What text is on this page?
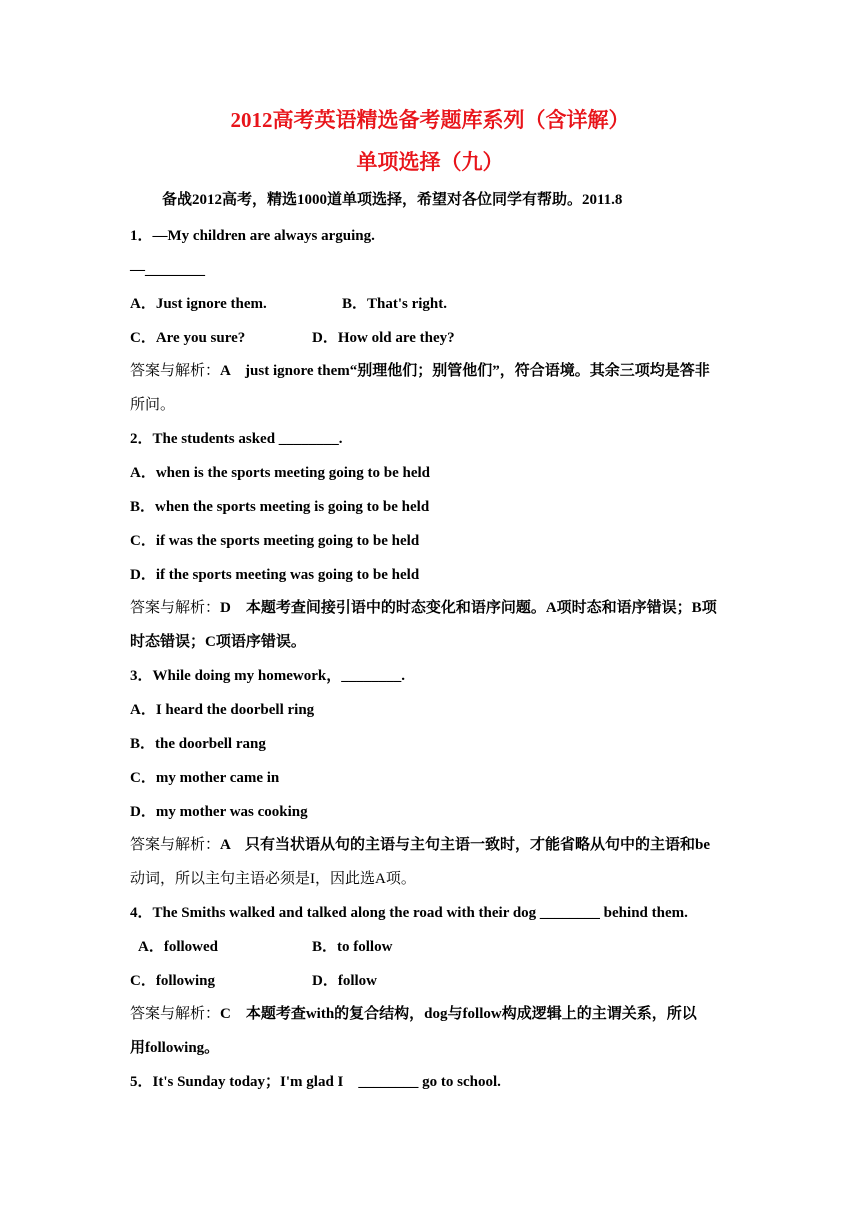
2012高考英语精选备考题库系列（含详解）
单项选择（九）
备战2012高考，精选1000道单项选择，希望对各位同学有帮助。2011.8
1．—My children are always arguing.
—________
A．Just ignore them.	B．That's right.
C．Are you sure?	D．How old are they?
答案与解析：A　just ignore them“别理他们；别管他们”，符合语境。其余三项均是答非
所问。
2．The students asked ________.
A．when is the sports meeting going to be held
B．when the sports meeting is going to be held
C．if was the sports meeting going to be held
D．if the sports meeting was going to be held
答案与解析：D　本题考查间接引语中的时态变化和语序问题。A项时态和语序错误；B项
时态错误；C项语序错误。
3．While doing my homework，________.
A．I heard the doorbell ring
B．the doorbell rang
C．my mother came in
D．my mother was cooking
答案与解析：A　只有当状语从句的主语与主句主语一致时，才能省略从句中的主语和be
动词，所以主句主语必须是I，因此选A项。
4．The Smiths walked and talked along the road with their dog ________ behind them.
A．followed	B．to follow
C．following	D．follow
答案与解析：C　本题考查with的复合结构，dog与follow构成逻辑上的主谓关系，所以
用following。
5．It's Sunday today；I'm glad I　________ go to school.
